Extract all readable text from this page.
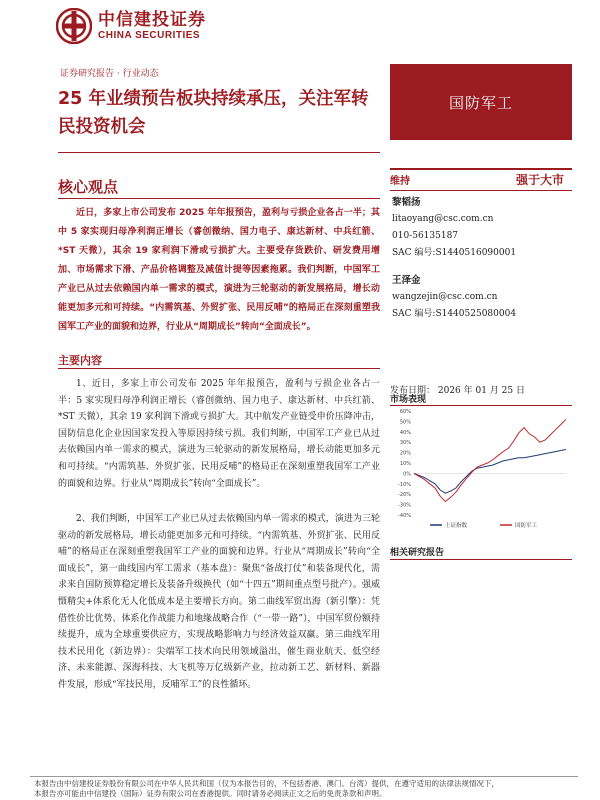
中信建投证券
CHINA SECURITIES
证券研究报告 · 行业动态
25 年业绩预告板块持续承压，关注军转民投资机会
国防军工
核心观点
近日，多家上市公司发布 2025 年年报预告，盈利与亏损企业各占一半；其中 5 家实现归母净利润正增长（睿创微纳、国力电子、康达新材、中兵红箭、*ST 天微），其余 19 家利润下滑或亏损扩大。主要受存货跌价、研发费用增加、市场需求下滑、产品价格调整及减值计提等因素拖累。我们判断，中国军工产业已从过去依赖国内单一需求的模式，演进为三轮驱动的新发展格局，增长动能更加多元和可持续。“内需筑基、外贸扩张、民用反哺”的格局正在深刻重塑我国军工产业的面貌和边界，行业从“周期成长”转向“全面成长”。
主要内容
1、近日，多家上市公司发布 2025 年年报预告，盈利与亏损企业各占一半：5 家实现归母净利润正增长（睿创微纳、国力电子、康达新材、中兵红箭、*ST 天微），其余 19 家利润下滑或亏损扩大。其中航发产业链受申价压降冲击，国防信息化企业因国家发投入等原因持续亏损。我们判断，中国军工产业已从过去依赖国内单一需求的模式，演进为三轮驱动的新发展格局，增长动能更加多元和可持续。“内需筑基、外贸扩张、民用反哺”的格局正在深刻重塑我国军工产业的面貌和边界。行业从“周期成长”转向“全面成长”。
2、我们判断，中国军工产业已从过去依赖国内单一需求的模式，演进为三轮驱动的新发展格局，增长动能更加多元和可持续。“内需筑基、外贸扩张、民用反哺”的格局正在深刻重塑我国军工产业的面貌和边界。行业从“周期成长”转向“全面成长”，第一曲线国内军工需求（基本盘）：聚焦“备战打仗”和装备现代化，需求来自国防预算稳定增长及装备升级换代（如“十四五”期间重点型号批产）。强威慑精尖+体系化无人化低成本是主要增长方向。第二曲线军贸出海（新引擎）：凭借性价比优势、体系化作战能力和地缘战略合作（“一带一路”），中国军贸份额持续提升，成为全球重要供应方，实现战略影响力与经济效益双赢。第三曲线军用技术民用化（新边界）：尖端军工技术向民用领域溢出，催生商业航天、低空经济、未来能源、深海科技、大飞机等万亿级新产业，拉动新工艺、新材料、新器件发展，形成“军技民用，反哺军工”的良性循环。
维持	强于大市
黎韬扬
litaoyang@csc.com.cn
010-56135187
SAC 编号:S1440516090001
王泽金
wangzejin@csc.com.cn
SAC 编号:S1440525080004
发布日期： 2026 年 01 月 25 日
市场表现
60%
50%
40%
30%
20%
10%
0%
-10%
-20%
-30%
-40%
上证指数	国防军工
相关研究报告
本报告由中信建投证券股份有限公司在中华人民共和国（仅为本报告目的，不包括香港、澳门、台湾）提供，在遵守适用的法律法规情况下，
本报告亦可能由中信建投（国际）证券有限公司在香港提供。同时请务必阅读正文之后的免责条款和声明。
